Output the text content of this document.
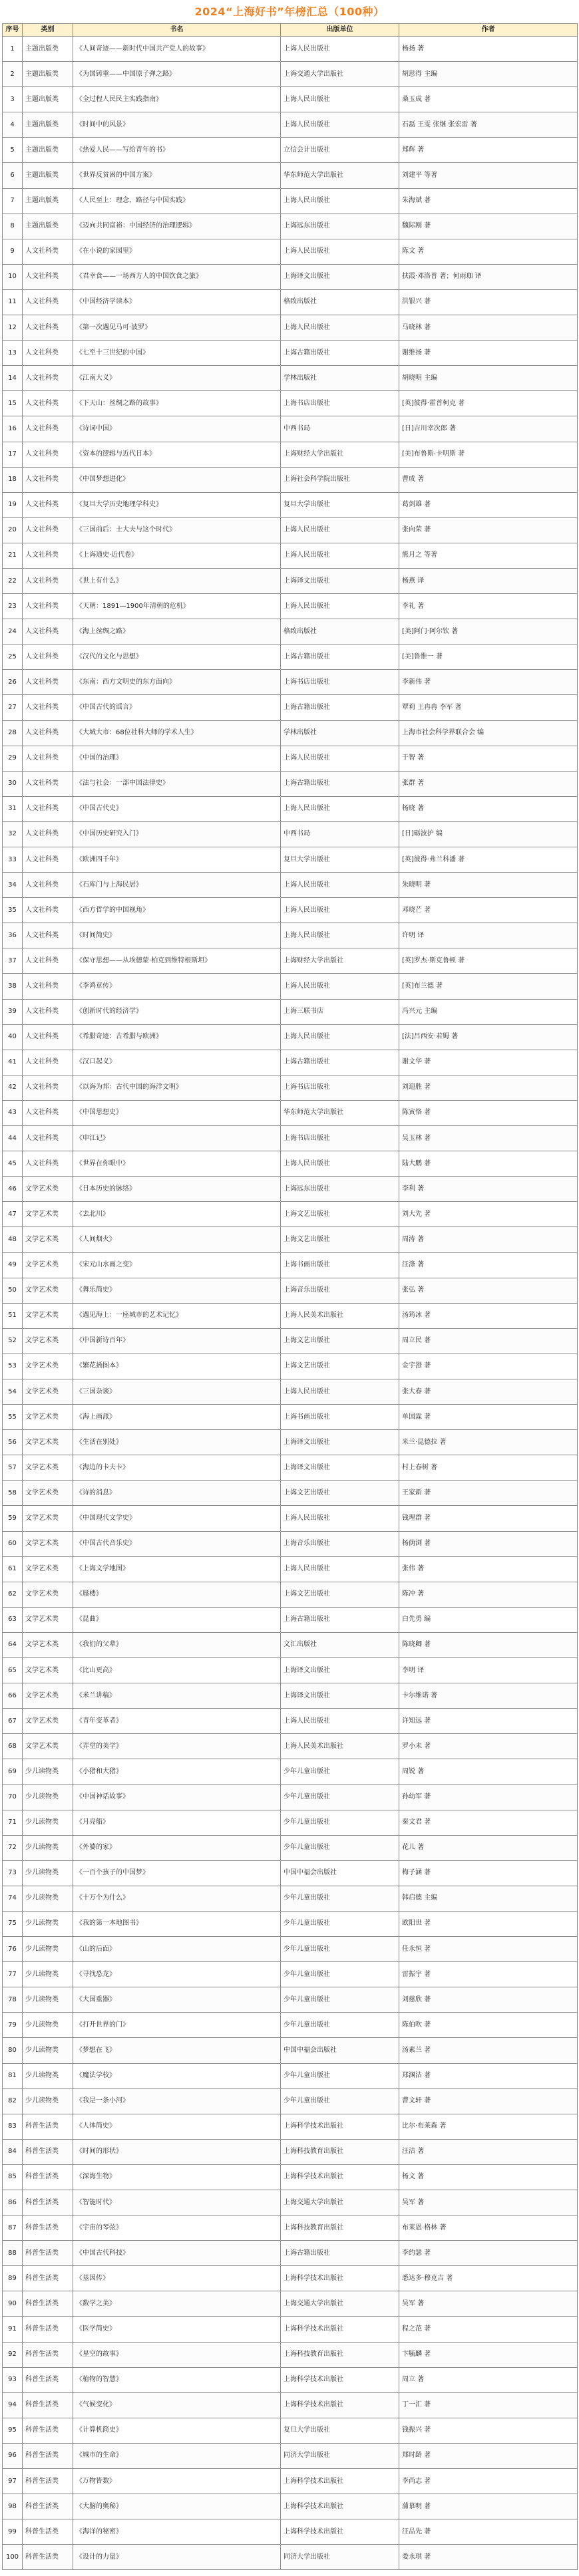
2024“上海好书”年榜汇总（100种）
序号	类别	书名	出版单位	作者
1	主题出版类	《人间奇迹——新时代中国共产党人的故事》	上海人民出版社	杨扬 著
2	主题出版类	《为国铸重——中国原子弹之路》	上海交通大学出版社	胡思得 主编
3	主题出版类	《全过程人民民主实践指南》	上海人民出版社	桑玉成 著
4	主题出版类	《时间中的风景》	上海人民出版社	石磊 王雯 张继 张宏雷 著
5	主题出版类	《热爱人民——写给青年的书》	立信会计出版社	郑辉 著
6	主题出版类	《世界反贫困的中国方案》	华东师范大学出版社	刘建平 等著
7	主题出版类	《人民至上：理念、路径与中国实践》	上海人民出版社	朱海斌 著
8	主题出版类	《迈向共同富裕：中国经济的治理逻辑》	上海远东出版社	魏际刚 著
9	人文社科类	《在小说的家园里》	上海人民出版社	陈文 著
10	人文社科类	《君幸食——一场西方人的中国饮食之旅》	上海译文出版社	扶霞·邓洛普 著；何雨珈 译
11	人文社科类	《中国经济学读本》	格致出版社	洪银兴 著
12	人文社科类	《第一次遇见马可·波罗》	上海人民出版社	马晓林 著
13	人文社科类	《七至十三世纪的中国》	上海古籍出版社	谢维扬 著
14	人文社科类	《江南大义》	学林出版社	胡晓明 主编
15	人文社科类	《下天山：丝绸之路的故事》	上海书店出版社	[英]彼得·霍普柯克 著
16	人文社科类	《诗词中国》	中西书局	[日]吉川幸次郎 著
17	人文社科类	《资本的逻辑与近代日本》	上海财经大学出版社	[美]布鲁斯·卡明斯 著
18	人文社科类	《中国梦想进化》	上海社会科学院出版社	曹成 著
19	人文社科类	《复旦大学历史地理学科史》	复旦大学出版社	葛剑雄 著
20	人文社科类	《三国前后：士大夫与这个时代》	上海人民出版社	张向荣 著
21	人文社科类	《上海通史·近代卷》	上海人民出版社	熊月之 等著
22	人文社科类	《世上有什么》	上海译文出版社	杨燕 译
23	人文社科类	《天朝：1891—1900年清朝的危机》	上海人民出版社	李礼 著
24	人文社科类	《海上丝绸之路》	格致出版社	[美]阿门·阿尔钦 著
25	人文社科类	《汉代的文化与思想》	上海古籍出版社	[美]鲁惟一 著
26	人文社科类	《东南：西方文明史的东方面向》	上海书店出版社	李新伟 著
27	人文社科类	《中国古代的谣言》	上海古籍出版社	覃莉 王冉冉 李军 著
28	人文社科类	《大城大市：68位社科大师的学术人生》	学林出版社	上海市社会科学界联合会 编
29	人文社科类	《中国的治理》	上海人民出版社	于智 著
30	人文社科类	《法与社会：一部中国法律史》	上海古籍出版社	张群 著
31	人文社科类	《中国古代史》	上海人民出版社	杨晓 著
32	人文社科类	《中国历史研究入门》	中西书局	[日]砺波护 编
33	人文社科类	《欧洲四千年》	复旦大学出版社	[英]彼得·弗兰科潘 著
34	人文社科类	《石库门与上海民居》	上海人民出版社	朱晓明 著
35	人文社科类	《西方哲学的中国视角》	上海人民出版社	邓晓芒 著
36	人文社科类	《时间简史》	上海人民出版社	许明 译
37	人文社科类	《保守思想——从埃德蒙·柏克到维特根斯坦》	上海财经大学出版社	[英]罗杰·斯克鲁顿 著
38	人文社科类	《李鸿章传》	上海人民出版社	[英]布兰德 著
39	人文社科类	《创新时代的经济学》	上海三联书店	冯兴元 主编
40	人文社科类	《希腊奇迹：古希腊与欧洲》	上海人民出版社	[法]吕西安·若姆 著
41	人文社科类	《汉口起义》	上海古籍出版社	谢文华 著
42	人文社科类	《以海为邦：古代中国的海洋文明》	上海书店出版社	刘迎胜 著
43	人文社科类	《中国思想史》	华东师范大学出版社	陈寅恪 著
44	人文社科类	《申江记》	上海书店出版社	吴玉林 著
45	人文社科类	《世界在你眼中》	上海人民出版社	陆大鹏 著
46	文学艺术类	《日本历史的脉络》	上海远东出版社	李利 著
47	文学艺术类	《去北川》	上海文艺出版社	刘大先 著
48	文学艺术类	《人间烟火》	上海文艺出版社	周涛 著
49	文学艺术类	《宋元山水画之变》	上海书画出版社	汪涤 著
50	文学艺术类	《舞乐简史》	上海音乐出版社	张弘 著
51	文学艺术类	《遇见海上：一座城市的艺术记忆》	上海人民美术出版社	汤筠冰 著
52	文学艺术类	《中国新诗百年》	上海文艺出版社	周立民 著
53	文学艺术类	《繁花插图本》	上海文艺出版社	金宇澄 著
54	文学艺术类	《三国杂谈》	上海人民出版社	张大春 著
55	文学艺术类	《海上画派》	上海书画出版社	单国霖 著
56	文学艺术类	《生活在别处》	上海译文出版社	米兰·昆德拉 著
57	文学艺术类	《海边的卡夫卡》	上海译文出版社	村上春树 著
58	文学艺术类	《诗的消息》	上海文艺出版社	王家新 著
59	文学艺术类	《中国现代文学史》	上海人民出版社	钱理群 著
60	文学艺术类	《中国古代音乐史》	上海音乐出版社	杨荫浏 著
61	文学艺术类	《上海文学地图》	上海人民出版社	张伟 著
62	文学艺术类	《蜃楼》	上海文艺出版社	陈冲 著
63	文学艺术类	《昆曲》	上海古籍出版社	白先勇 编
64	文学艺术类	《我们的父辈》	文汇出版社	陈晓卿 著
65	文学艺术类	《比山更高》	上海译文出版社	李明 译
66	文学艺术类	《米兰讲稿》	上海译文出版社	卡尔维诺 著
67	文学艺术类	《青年变革者》	上海人民出版社	许知远 著
68	文学艺术类	《弄堂的美学》	上海人民美术出版社	罗小未 著
69	少儿读物类	《小猪和大猪》	少年儿童出版社	周锐 著
70	少儿读物类	《中国神话故事》	少年儿童出版社	孙幼军 著
71	少儿读物类	《月亮船》	少年儿童出版社	秦文君 著
72	少儿读物类	《外婆的家》	少年儿童出版社	花儿 著
73	少儿读物类	《一百个孩子的中国梦》	中国中福会出版社	梅子涵 著
74	少儿读物类	《十万个为什么》	少年儿童出版社	韩启德 主编
75	少儿读物类	《我的第一本地图书》	少年儿童出版社	欧阳世 著
76	少儿读物类	《山的后面》	少年儿童出版社	任永恒 著
77	少儿读物类	《寻找恐龙》	少年儿童出版社	雷振宇 著
78	少儿读物类	《大国重器》	少年儿童出版社	刘慈欣 著
79	少儿读物类	《打开世界的门》	少年儿童出版社	陈伯吹 著
80	少儿读物类	《梦想在飞》	中国中福会出版社	汤素兰 著
81	少儿读物类	《魔法学校》	少年儿童出版社	郑渊洁 著
82	少儿读物类	《我是一条小河》	少年儿童出版社	曹文轩 著
83	科普生活类	《人体简史》	上海科学技术出版社	比尔·布莱森 著
84	科普生活类	《时间的形状》	上海科技教育出版社	汪洁 著
85	科普生活类	《深海生物》	上海科学技术出版社	杨文 著
86	科普生活类	《智能时代》	上海交通大学出版社	吴军 著
87	科普生活类	《宇宙的琴弦》	上海科技教育出版社	布莱恩·格林 著
88	科普生活类	《中国古代科技》	上海古籍出版社	李约瑟 著
89	科普生活类	《基因传》	上海科学技术出版社	悉达多·穆克吉 著
90	科普生活类	《数学之美》	上海交通大学出版社	吴军 著
91	科普生活类	《医学简史》	上海科学技术出版社	程之范 著
92	科普生活类	《星空的故事》	上海科技教育出版社	卞毓麟 著
93	科普生活类	《植物的智慧》	上海科学技术出版社	周立 著
94	科普生活类	《气候变化》	上海科学技术出版社	丁一汇 著
95	科普生活类	《计算机简史》	复旦大学出版社	钱振兴 著
96	科普生活类	《城市的生命》	同济大学出版社	郑时龄 著
97	科普生活类	《万物皆数》	上海科学技术出版社	李尚志 著
98	科普生活类	《大脑的奥秘》	上海科学技术出版社	蒲慕明 著
99	科普生活类	《海洋的秘密》	上海科学技术出版社	汪品先 著
100	科普生活类	《设计的力量》	同济大学出版社	娄永琪 著
